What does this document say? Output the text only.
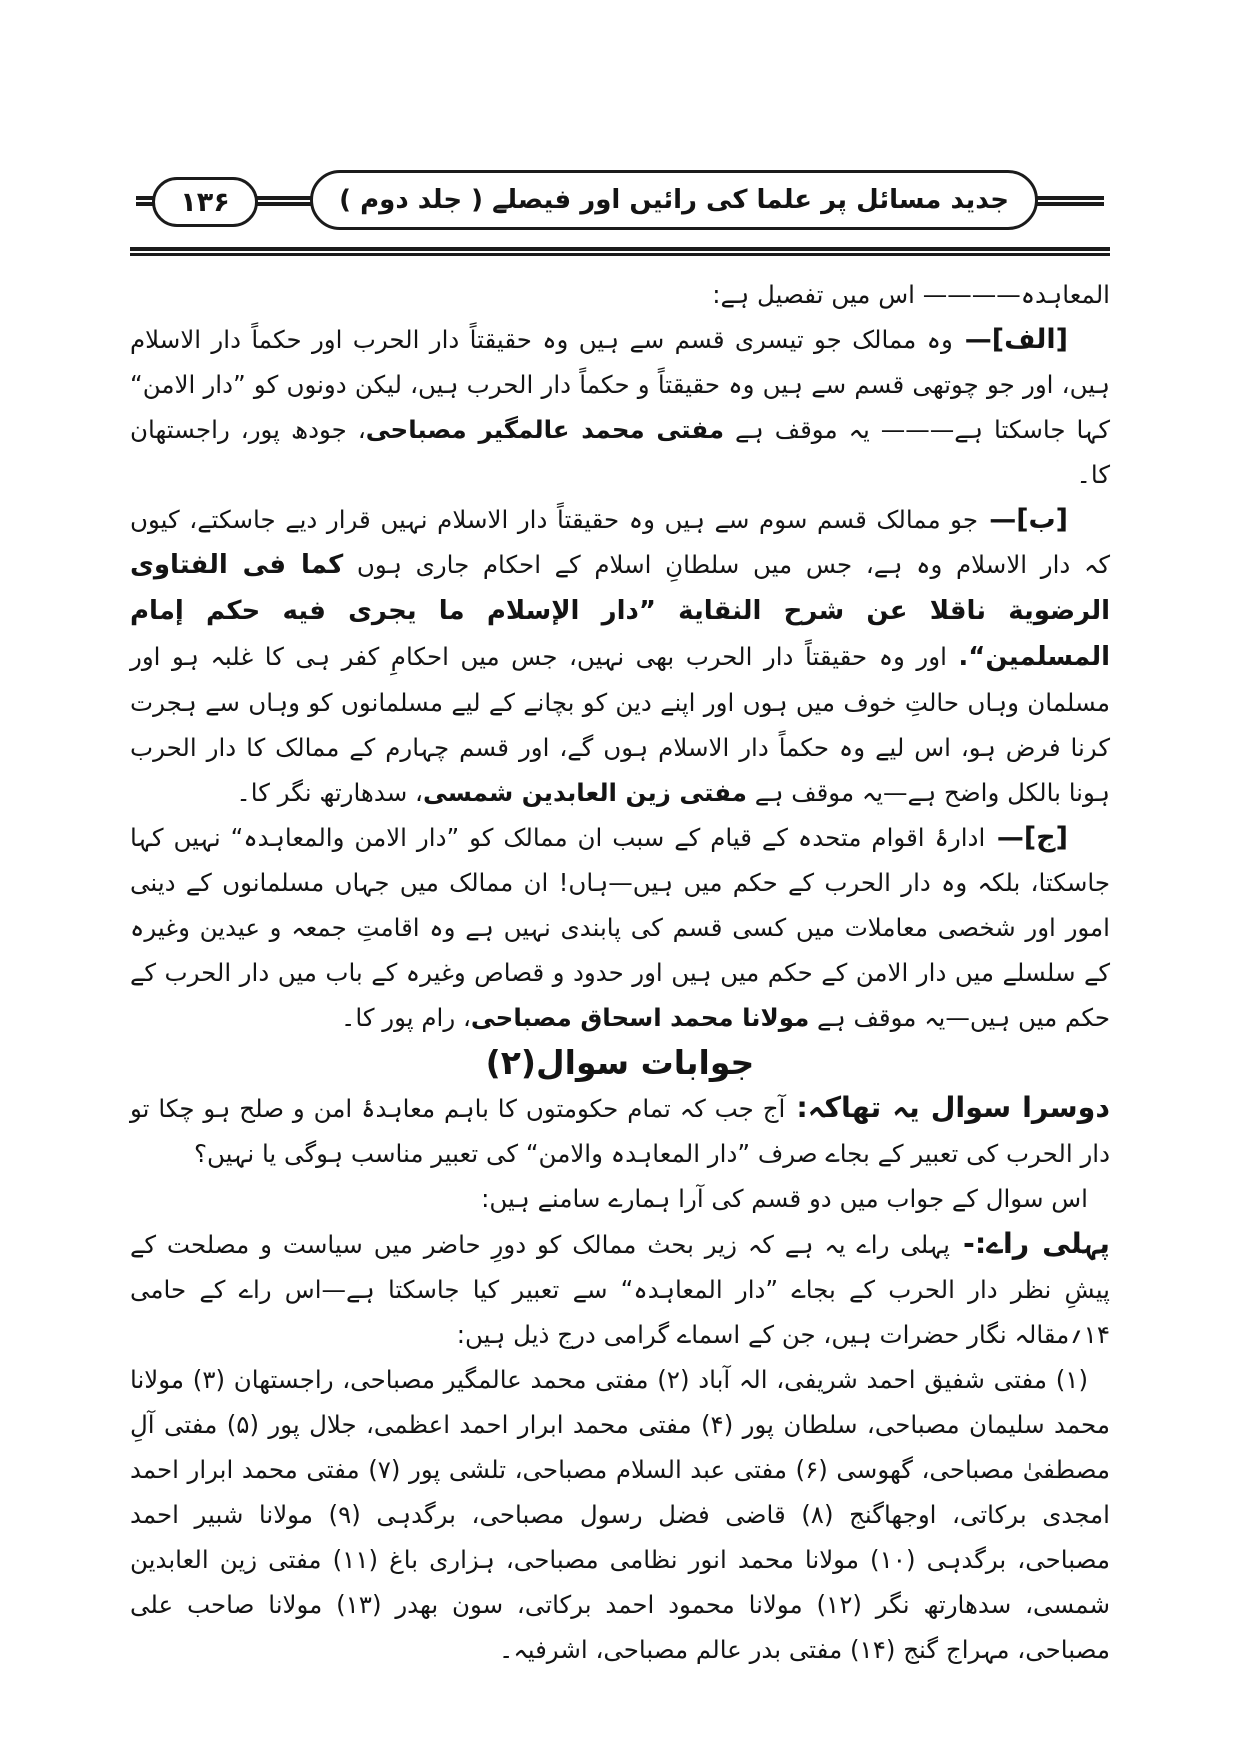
جدید مسائل پر علما کی رائیں اور فیصلے ( جلد دوم )
۱۳۶

المعاہدہ———— اس میں تفصیل ہے:

[الف]— وہ ممالک جو تیسری قسم سے ہیں وہ حقیقتاً دار الحرب اور حکماً دار الاسلام ہیں، اور جو چوتھی قسم سے ہیں وہ حقیقتاً و حکماً دار الحرب ہیں، لیکن دونوں کو ”دار الامن“ کہا جاسکتا ہے——— یہ موقف ہے مفتی محمد عالمگیر مصباحی، جودھ پور، راجستھان کا۔

[ب]— جو ممالک قسم سوم سے ہیں وہ حقیقتاً دار الاسلام نہیں قرار دیے جاسکتے، کیوں کہ دار الاسلام وہ ہے، جس میں سلطانِ اسلام کے احکام جاری ہوں کما فی الفتاوی الرضویة ناقلا عن شرح النقایة ”دار الإسلام ما یجری فیه حکم إمام المسلمین“. اور وہ حقیقتاً دار الحرب بھی نہیں، جس میں احکامِ کفر ہی کا غلبہ ہو اور مسلمان وہاں حالتِ خوف میں ہوں اور اپنے دین کو بچانے کے لیے مسلمانوں کو وہاں سے ہجرت کرنا فرض ہو، اس لیے وہ حکماً دار الاسلام ہوں گے، اور قسم چہارم کے ممالک کا دار الحرب ہونا بالکل واضح ہے—یہ موقف ہے مفتی زین العابدین شمسی، سدھارتھ نگر کا۔

[ج]— ادارۂ اقوام متحدہ کے قیام کے سبب ان ممالک کو ”دار الامن والمعاہدہ“ نہیں کہا جاسکتا، بلکہ وہ دار الحرب کے حکم میں ہیں—ہاں! ان ممالک میں جہاں مسلمانوں کے دینی امور اور شخصی معاملات میں کسی قسم کی پابندی نہیں ہے وہ اقامتِ جمعہ و عیدین وغیرہ کے سلسلے میں دار الامن کے حکم میں ہیں اور حدود و قصاص وغیرہ کے باب میں دار الحرب کے حکم میں ہیں—یہ موقف ہے مولانا محمد اسحاق مصباحی، رام پور کا۔

جوابات سوال(۲)

دوسرا سوال یہ تھاکہ: آج جب کہ تمام حکومتوں کا باہم معاہدۂ امن و صلح ہو چکا تو دار الحرب کی تعبیر کے بجاے صرف ”دار المعاہدہ والامن“ کی تعبیر مناسب ہوگی یا نہیں؟

اس سوال کے جواب میں دو قسم کی آرا ہمارے سامنے ہیں:

پہلی راے:- پہلی راے یہ ہے کہ زیر بحث ممالک کو دورِ حاضر میں سیاست و مصلحت کے پیشِ نظر دار الحرب کے بجاے ”دار المعاہدہ“ سے تعبیر کیا جاسکتا ہے—اس راے کے حامی ۱۴؍مقالہ نگار حضرات ہیں، جن کے اسماے گرامی درج ذیل ہیں:

(۱) مفتی شفیق احمد شریفی، الہ آباد (۲) مفتی محمد عالمگیر مصباحی، راجستھان (۳) مولانا محمد سلیمان مصباحی، سلطان پور (۴) مفتی محمد ابرار احمد اعظمی، جلال پور (۵) مفتی آلِ مصطفیٰ مصباحی، گھوسی (۶) مفتی عبد السلام مصباحی، تلشی پور (۷) مفتی محمد ابرار احمد امجدی برکاتی، اوجھاگنج (۸) قاضی فضل رسول مصباحی، برگدہی (۹) مولانا شبیر احمد مصباحی، برگدہی (۱۰) مولانا محمد انور نظامی مصباحی، ہزاری باغ (۱۱) مفتی زین العابدین شمسی، سدھارتھ نگر (۱۲) مولانا محمود احمد برکاتی، سون بھدر (۱۳) مولانا صاحب علی مصباحی، مہراج گنج (۱۴) مفتی بدر عالم مصباحی، اشرفیہ۔
